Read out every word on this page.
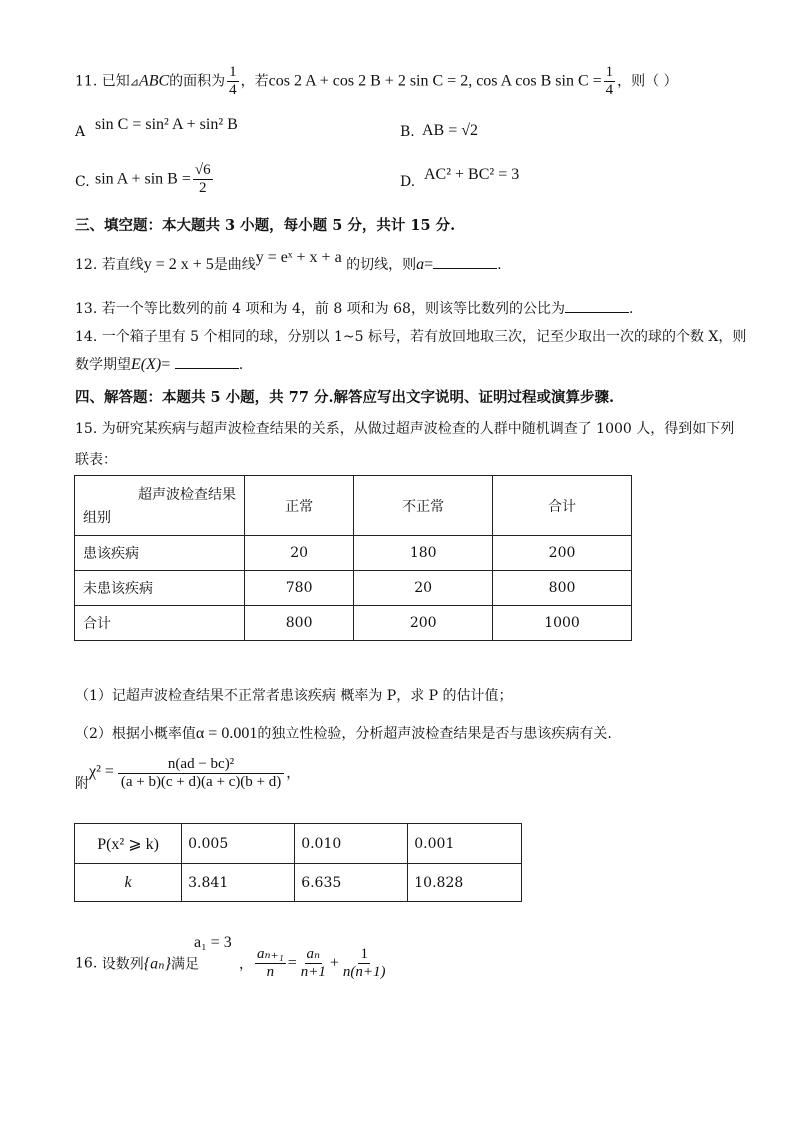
11. 已知⊿ABC的面积为 $\frac{1}{4}$ ，若cos 2 A + cos 2 B + 2 sin C = 2, cos A cos B $\sin C = \frac{1}{4}$ ，则（ ）
A sin C = sin² A + sin² B	B. AB = √2
C. $\sin A + \sin B = \frac{√6}{2}$	D. AC² + BC² = 3
三、填空题：本大题共 3 小题，每小题 5 分，共计 15 分.
12. 若直线y = 2 x + 5是曲线y = eˣ + x + a 的切线，则a=	.
13. 若一个等比数列的前 4 项和为 4，前 8 项和为 68，则该等比数列的公比为	.
14. 一个箱子里有 5 个相同的球，分别以 1~5 标号，若有放回地取三次，记至少取出一次的球的个数 X，则
数学期望E(X)=	.
四、解答题：本题共 5 小题，共 77 分.解答应写出文字说明、证明过程或演算步骤.
15. 为研究某疾病与超声波检查结果的关系，从做过超声波检查的人群中随机调查了 1000 人，得到如下列
联表：
超声波检查结果
组别	正常	不正常	合计
患该疾病	20	180	200
未患该疾病	780	20	800
合计	800	200	1000
（1）记超声波检查结果不正常者患该疾病 概率为 P，求 P 的估计值；
（2）根据小概率值α = 0.001的独立性检验，分析超声波检查结果是否与患该疾病有关.
附$\chi^2 = \frac{\text{n(ad − bc)²}}{(a + b)(c + d)(a + c)(b + d)}$ ，
P(x² ⩾ k)	0.005	0.010	0.001
k	3.841	6.635	10.828
a₁ = 3
16. 设数列{aₙ}满足	， $\frac{\text{aₙ₊₁}}{n} = \frac{\text{aₙ}}{n+1} + \frac{1}{n(n+1)}$
